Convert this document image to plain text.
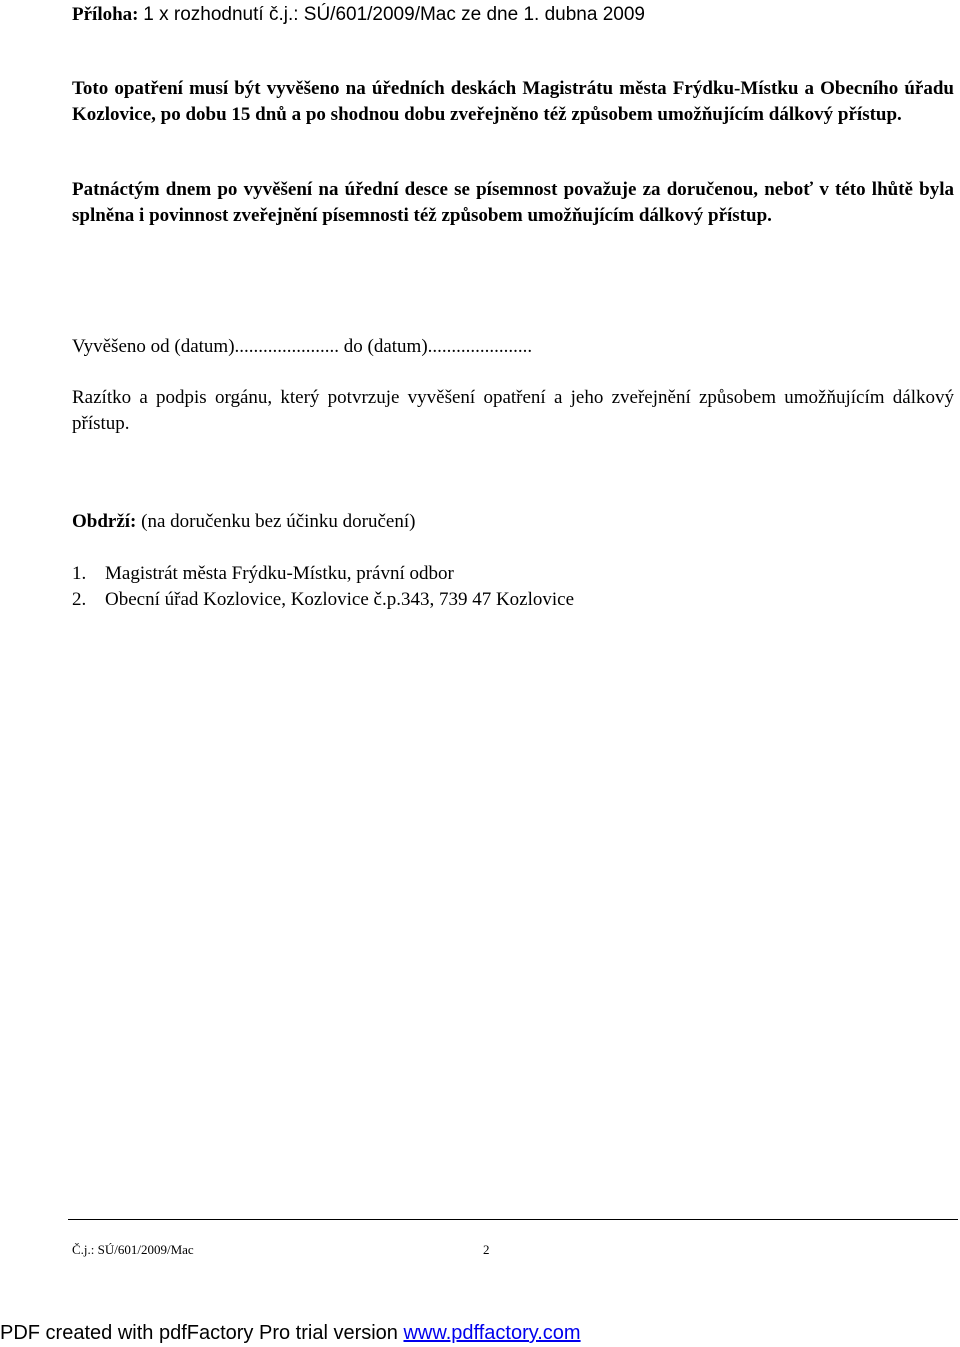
Příloha: 1 x rozhodnutí č.j.: SÚ/601/2009/Mac ze dne 1. dubna 2009
Toto opatření musí být vyvěšeno na úředních deskách Magistrátu města Frýdku-Místku a Obecního úřadu Kozlovice, po dobu 15 dnů a po shodnou dobu zveřejněno též způsobem umožňujícím dálkový přístup.
Patnáctým dnem po vyvěšení na úřední desce se písemnost považuje za doručenou, neboť v této lhůtě byla splněna i povinnost zveřejnění písemnosti též způsobem umožňujícím dálkový přístup.
Vyvěšeno od (datum)...................... do (datum)......................
Razítko a podpis orgánu, který potvrzuje vyvěšení opatření a jeho zveřejnění způsobem umožňujícím dálkový přístup.
Obdrží: (na doručenku bez účinku doručení)
1. Magistrát města Frýdku-Místku, právní odbor
2. Obecní úřad Kozlovice, Kozlovice č.p.343, 739 47 Kozlovice
Č.j.: SÚ/601/2009/Mac	2
PDF created with pdfFactory Pro trial version www.pdffactory.com
